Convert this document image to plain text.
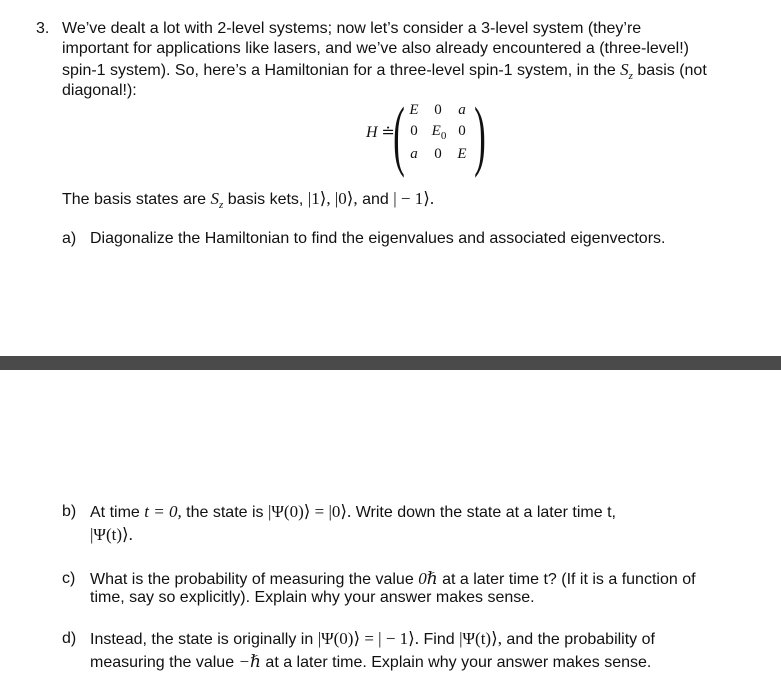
3. We’ve dealt a lot with 2-level systems; now let’s consider a 3-level system (they’re
important for applications like lasers, and we’ve also already encountered a (three-level!)
spin-1 system). So, here’s a Hamiltonian for a three-level spin-1 system, in the $S_z$ basis (not
diagonal!):
H ≐
( )
E	0	a
0 $E_0$ 0
a	0	E
The basis states are $S_z$ basis kets, |1⟩, |0⟩, and | − 1⟩.
a) Diagonalize the Hamiltonian to find the eigenvalues and associated eigenvectors.
b) At time t = 0, the state is |Ψ(0)⟩ = |0⟩. Write down the state at a later time t,
|Ψ(t)⟩.
c) What is the probability of measuring the value 0ℏ at a later time t? (If it is a function of
time, say so explicitly). Explain why your answer makes sense.
d) Instead, the state is originally in |Ψ(0)⟩ = | − 1⟩. Find |Ψ(t)⟩, and the probability of
measuring the value −ℏ at a later time. Explain why your answer makes sense.
